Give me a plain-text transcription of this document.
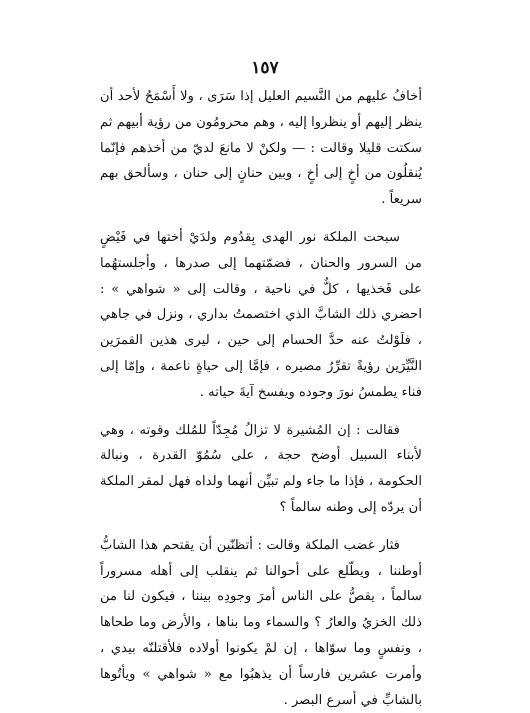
١٥٧

أخافُ عليهم من النَّسيم العليل إذا سَرَى ، ولا أَسْمَحُ لأحد أن ينظر إليهم أو ينظروا إليه ، وهم محرومُون من رؤية أبيهم ثم سكتت قليلا وقالت : — ولكنْ لا مانعَ لديّ من أخذهم فإنّما يُنقلُون من أخٍ إلى أخٍ ، وبين حنانٍ إلى حنان ، وسألحق بهم سريعاً .

سبحت الملكة نور الهدى بِقدُوم ولدَيْ أختها في فَيْضٍ من السرور والحنان ، فضمّتهما إلى صدرها ، وأجلستهُما على فَخذيها ، كلٌّ في ناحية ، وقالت إلى « شواهي » : احضري ذلك الشابَّ الذي اختصمتُ بداري ، ونزل في جاهي ، فلَوْلتُ عنه حدَّ الحسام إلى حين ، ليرى هذين القمرَين النَّيِّرَين رؤيةً تقرِّرُ مصيره ، فإمَّا إلى حياةٍ ناعمة ، وإمّا إلى فناء يطمسُ نورَ وجوده ويفسخ آيةَ حياته .

فقالت : إن المُشيرة لا تزالُ مُجِدّاً للمُلك وقوته ، وهي لأبناء السبيل أوضح حجة ، على سُمُوّ القدرة ، ونبالة الحكومة ، فإذا ما جاء ولم تبيِّن أنهما ولداه فهل لمقر الملكة أن يردّه إلى وطنه سالماً ؟

فثار غضب الملكة وقالت : أتظنّين أن يقتحم هذا الشابُّ أوطننا ، ويطّلع على أحوالنا ثم ينقلب إلى أهله مسروراً سالماً ، يقصُّ على الناس أمرَ وجودِه بيننا ، فيكون لنا من ذلك الخزيُ والعارُ ؟ والسماء وما بناها ، والأرض وما طحاها ، ونفسٍ وما سوّاها ، إن لمْ يكونوا أولاده فلأقتلنّه بيدي ، وأمرت عشرين فارساً أن يذهبُوا مع « شواهي » ويأتُوها بالشابِّ في أسرع البصر .
